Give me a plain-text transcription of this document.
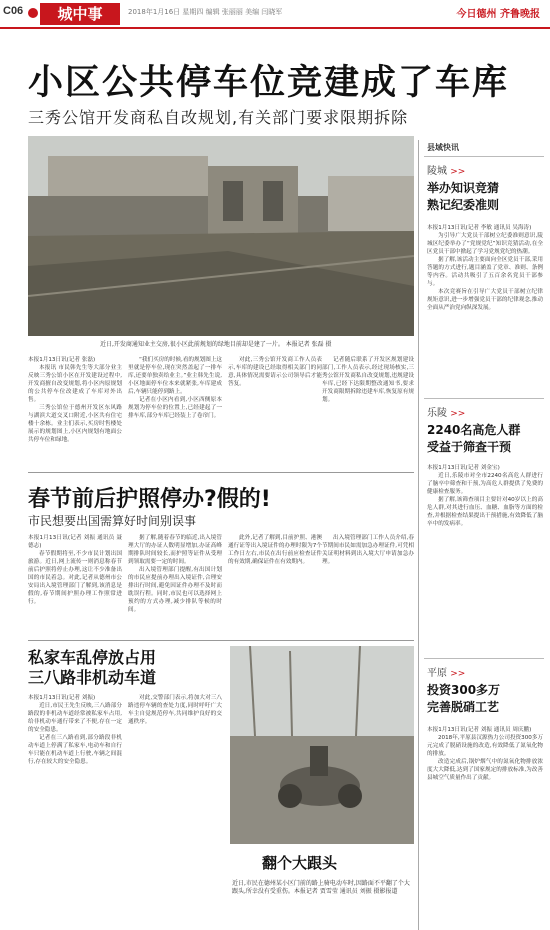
C06	城中事	2018年1月16日 星期四 编辑 张丽丽 美编 闫晓军	今日德州 齐鲁晚报
小区公共停车位竞建成了车库
三秀公馆开发商私自改规划,有关部门要求限期拆除
近日,开发商通知业主交房,很小区此前规划的绿地目前却是建了一片。 本报记者 张磊 摄

本报1月13日讯(记者 张磊)

本报讯 市民韩先生等大部分业主反映三秀公馆小区在开发建设过程中,开发商擅自改变规划,将小区内原规划的公共停车位改建成了车库对外出售。

三秀公馆位于德州开发区东风路与湖滨大道交叉口附近,小区共有住宅楼十余栋。业主们表示,买房时售楼处展示的规划图上,小区内规划有地面公共停车位和绿地。

“我们买房的时候,看的规划图上这里就是停车位,现在突然盖起了一排车库,还要单独卖给业主。”业主韩先生说,小区地面停车位本来就紧张,车库建成后,车辆只能停到路上。

记者在小区内看到,小区西侧原本规划为停车位的位置上,已经建起了一排车库,部分车库已经装上了卷帘门。

对此,三秀公馆开发商工作人员表示,车库的建设已经取得相关部门的同意,具体情况需要请示公司领导后才能答复。

记者随后联系了开发区规划建设部门,工作人员表示,经过现场核实,三秀公馆开发商私自改变规划,违规建设车库,已经下达限期整改通知书,要求开发商限期拆除违建车库,恢复原有规划。

县域快讯
陵城 >>
举办知识竞猜
熟记纪委准则

本报1月13日讯(记者 李敏 通讯员 吴海涛)

为引导广大党员干部树立纪委准则意识,陵城区纪委举办了“党规党纪”知识竞猜活动,在全区党员干部中掀起了学习党规党纪的热潮。

据了解,该活动主要面向全区党员干部,采用答题的方式进行,题目涵盖了党章、准则、条例等内容。活动共吸引了五百余名党员干部参与。

本次竞赛旨在引导广大党员干部树立纪律规矩意识,进一步增强党员干部的纪律观念,推动全面从严治党向纵深发展。

乐陵 >>
2240名高危人群
受益于筛查干预

本报1月13日讯(记者 刘金宝)

近日,乐陵市对全市2240名高危人群进行了脑卒中筛查和干预,为高危人群提供了免费的健康检查服务。

据了解,该筛查项目主要针对40岁以上的高危人群,对其进行血压、血糖、血脂等方面的检查,并根据检查结果提出干预措施,有效降低了脑卒中的发病率。

平原 >>
投资300多万
完善脱硝工艺

本报1月13日讯(记者 刘振 通讯员 周庆鹏)

2018年,平原县汉源热力公司投资300多万元完成了脱硝设施的改造,有效降低了氮氧化物的排放。

改造完成后,锅炉烟气中的氮氧化物排放浓度大大降低,达到了国家规定的排放标准,为改善县城空气质量作出了贡献。

春节前后护照停办?假的!
市民想要出国需算好时间别误事

本报1月13日讯(记者 刘振 通讯员 聂德志)

春节假期将至,不少市民计划出国旅游。近日,网上流传一则消息称春节前后护照将停止办理,这让不少准备出国的市民着急。对此,记者从德州市公安局出入境管理部门了解到,该消息是假的,春节期间护照办理工作照常进行。

据了解,随着春节的临近,出入境管理大厅的办证人数明显增加,办证高峰期排队时间较长,而护照等证件从受理到领取需要一定的时间。

出入境管理部门提醒,有出国计划的市民应提前办理出入境证件,合理安排出行时间,避免因证件办理不及时而耽误行程。同时,市民也可以选择网上预约的方式办理,减少排队等候的时间。

此外,记者了解到,目前护照、港澳通行证等出入境证件的办理时限为7个工作日左右,市民在出行前应检查证件的有效期,确保证件在有效期内。

出入境管理部门工作人员介绍,春节期间市民如需加急办理证件,可凭相关证明材料到出入境大厅申请加急办理。

私家车乱停放占用
三八路非机动车道

本报1月13日讯(记者 刘振)

近日,市民王先生反映,三八路部分路段的非机动车道经常被私家车占用,给非机动车通行带来了不便,存在一定的安全隐患。

记者在三八路看到,部分路段非机动车道上停满了私家车,电动车和自行车只能在机动车道上行驶,车辆之间混行,存在较大的安全隐患。

对此,交警部门表示,将加大对三八路违停车辆的查处力度,同时呼吁广大车主自觉规范停车,共同维护良好的交通秩序。

翻个大跟头
近日,市民在德州某小区门前的路上骑电动车时,因路面不平翻了个大跟头,所幸没有受重伤。本报记者 贾雪莹 通讯员 刘振 摄影报道
